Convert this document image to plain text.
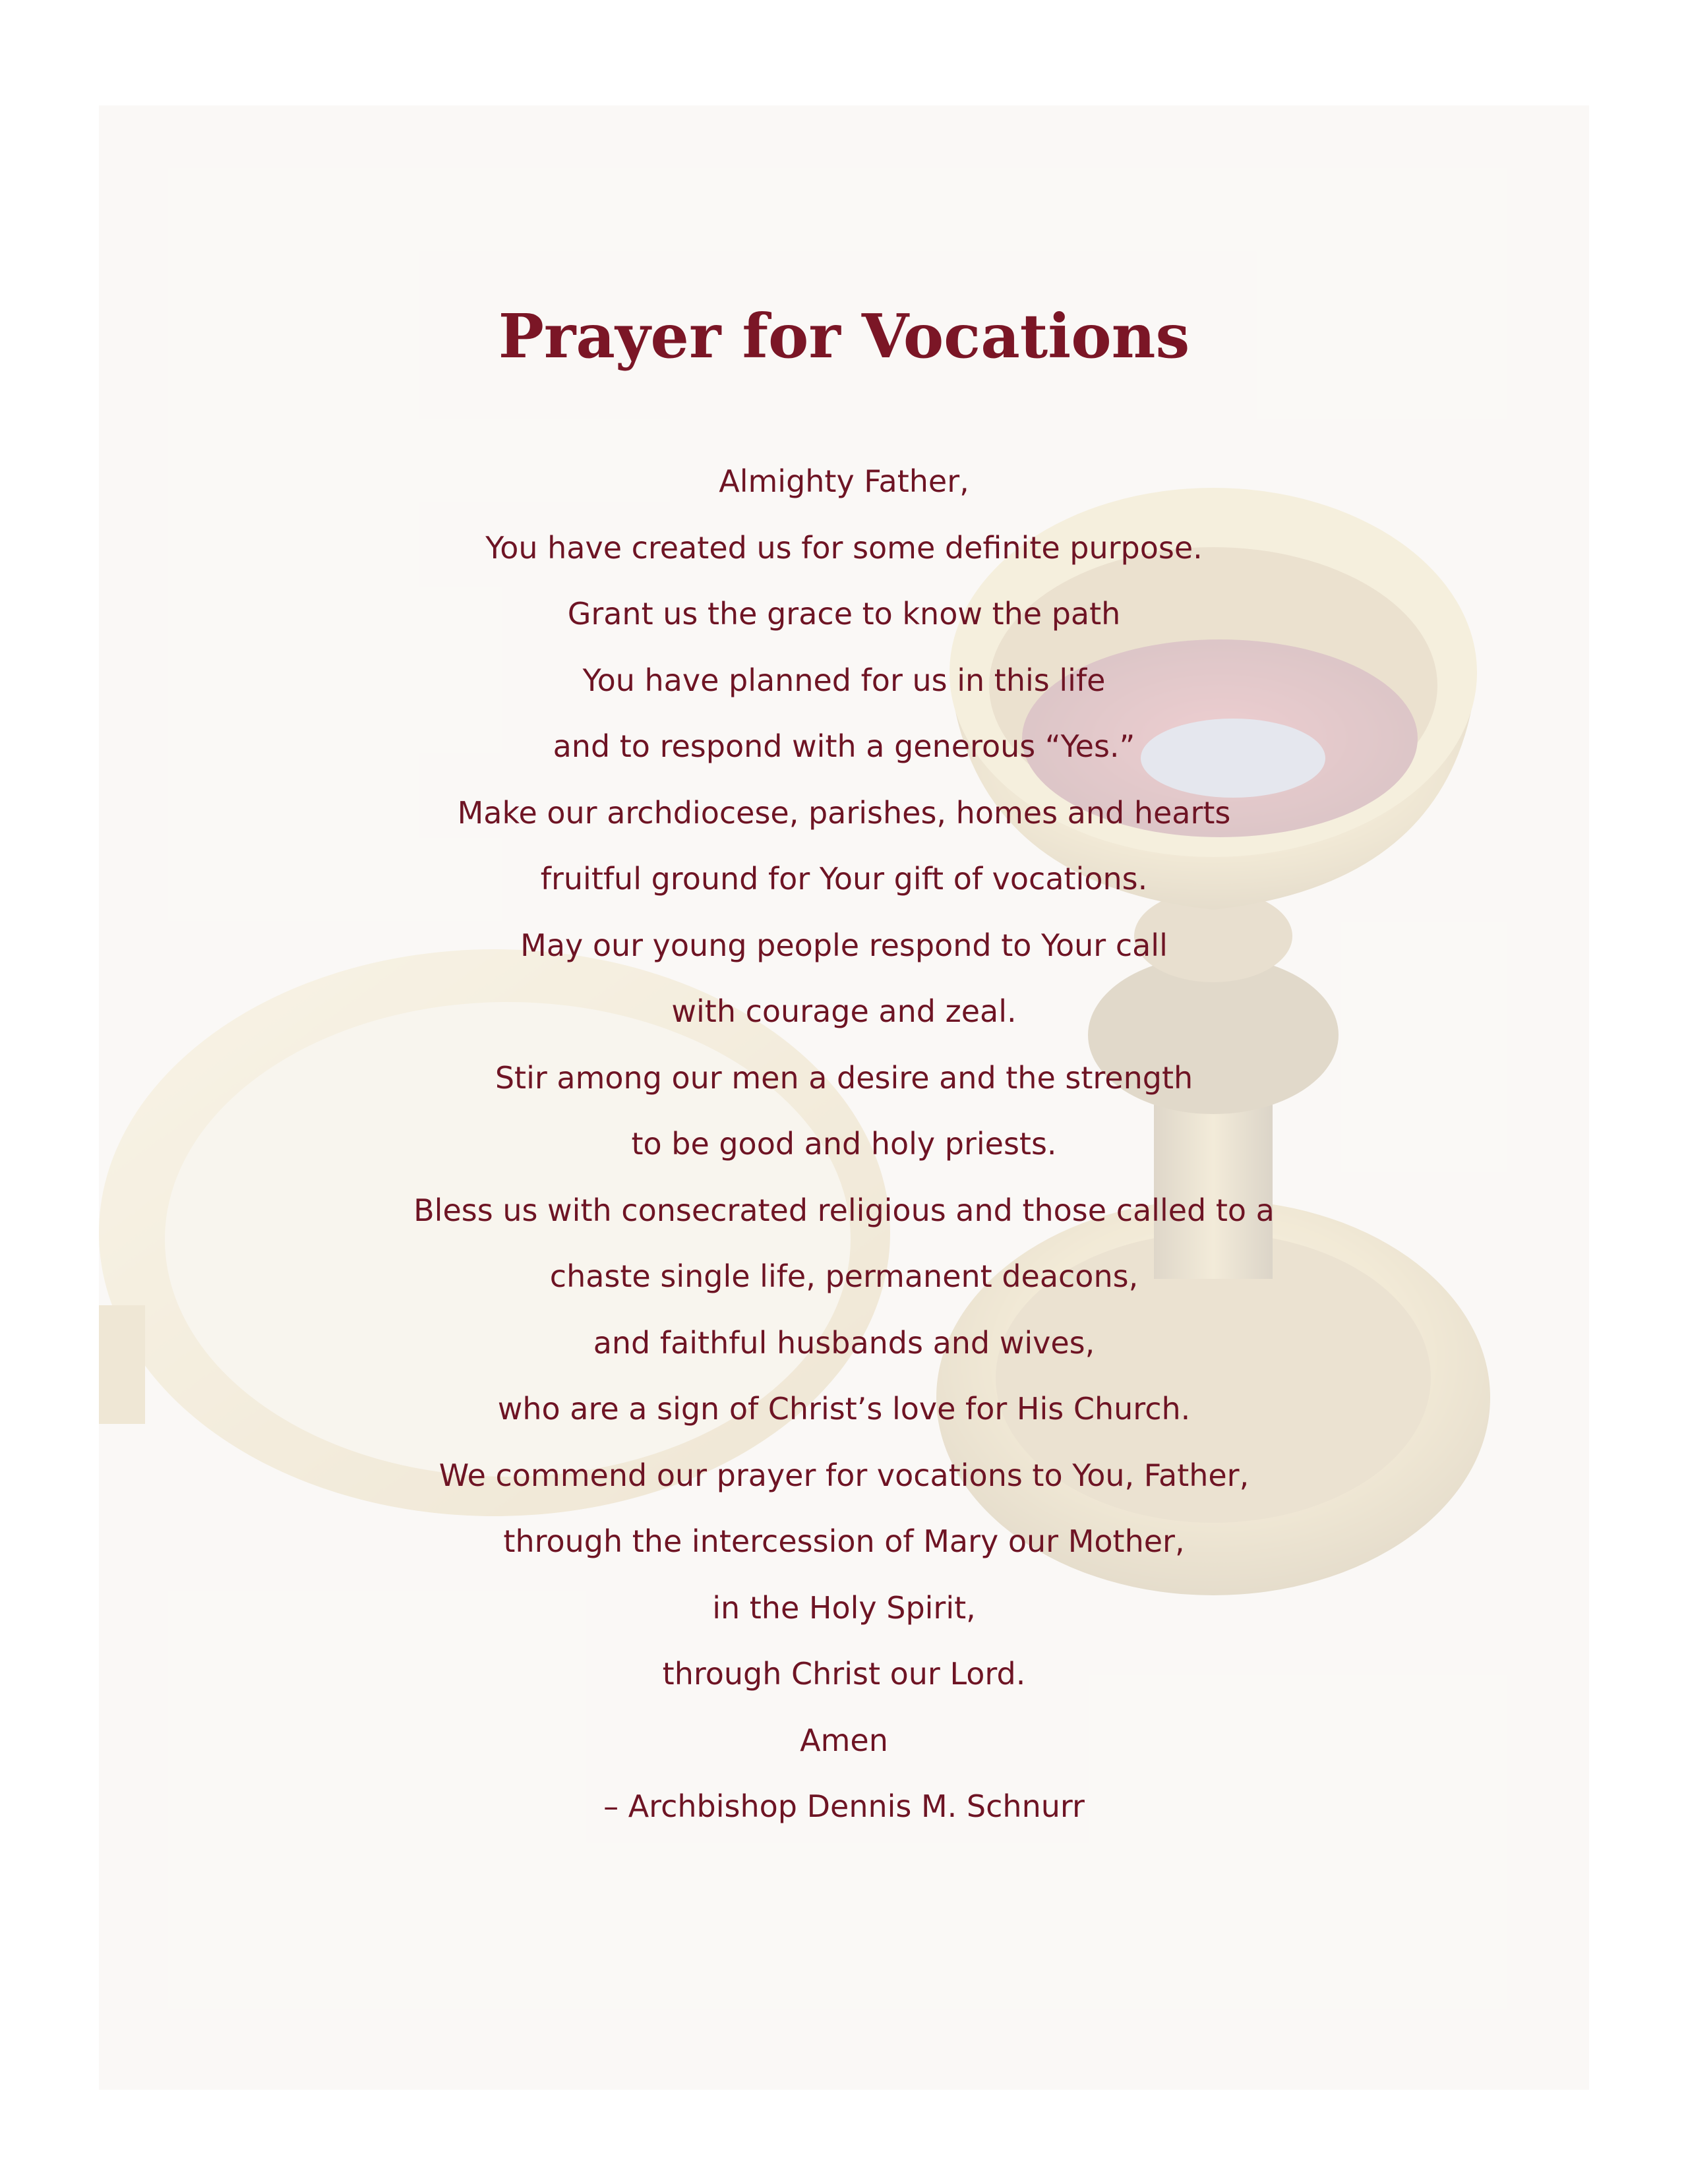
Prayer for Vocations
Almighty Father,
You have created us for some definite purpose.
Grant us the grace to know the path
You have planned for us in this life
and to respond with a generous “Yes.”
Make our archdiocese, parishes, homes and hearts
fruitful ground for Your gift of vocations.
May our young people respond to Your call
with courage and zeal.
Stir among our men a desire and the strength
to be good and holy priests.
Bless us with consecrated religious and those called to a
chaste single life, permanent deacons,
and faithful husbands and wives,
who are a sign of Christ’s love for His Church.
We commend our prayer for vocations to You, Father,
through the intercession of Mary our Mother,
in the Holy Spirit,
through Christ our Lord.
Amen
– Archbishop Dennis M. Schnurr
